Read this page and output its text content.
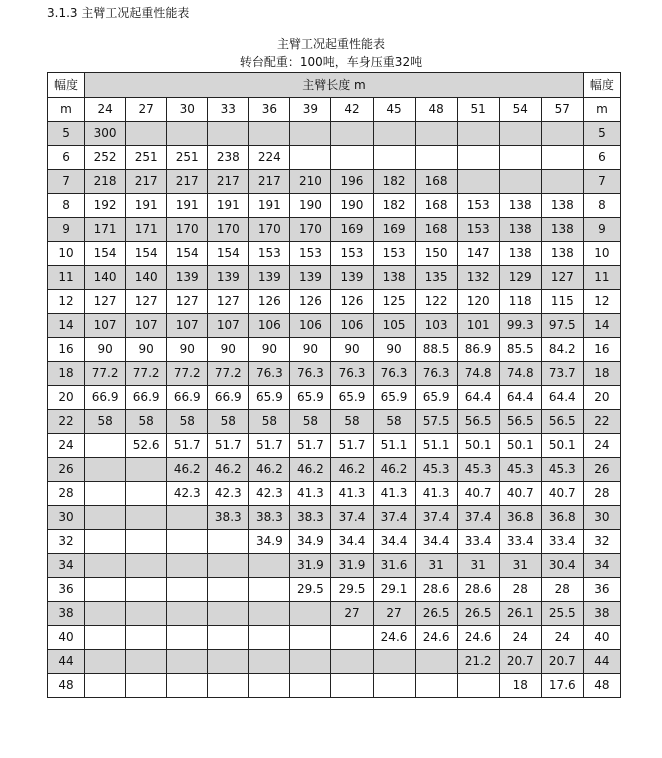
3.1.3 主臂工况起重性能表
主臂工况起重性能表
转台配重：100吨，车身压重32吨
幅度	主臂长度 m												幅度
m	24	27	30	33	36	39	42	45	48	51	54	57	m
5	300												5
6	252	251	251	238	224								6
7	218	217	217	217	217	210	196	182	168				7
8	192	191	191	191	191	190	190	182	168	153	138	138	8
9	171	171	170	170	170	170	169	169	168	153	138	138	9
10	154	154	154	154	153	153	153	153	150	147	138	138	10
11	140	140	139	139	139	139	139	138	135	132	129	127	11
12	127	127	127	127	126	126	126	125	122	120	118	115	12
14	107	107	107	107	106	106	106	105	103	101	99.3	97.5	14
16	90	90	90	90	90	90	90	90	88.5	86.9	85.5	84.2	16
18	77.2	77.2	77.2	77.2	76.3	76.3	76.3	76.3	76.3	74.8	74.8	73.7	18
20	66.9	66.9	66.9	66.9	65.9	65.9	65.9	65.9	65.9	64.4	64.4	64.4	20
22	58	58	58	58	58	58	58	58	57.5	56.5	56.5	56.5	22
24		52.6	51.7	51.7	51.7	51.7	51.7	51.1	51.1	50.1	50.1	50.1	24
26			46.2	46.2	46.2	46.2	46.2	46.2	45.3	45.3	45.3	45.3	26
28			42.3	42.3	42.3	41.3	41.3	41.3	41.3	40.7	40.7	40.7	28
30				38.3	38.3	38.3	37.4	37.4	37.4	37.4	36.8	36.8	30
32					34.9	34.9	34.4	34.4	34.4	33.4	33.4	33.4	32
34						31.9	31.9	31.6	31	31	31	30.4	34
36						29.5	29.5	29.1	28.6	28.6	28	28	36
38							27	27	26.5	26.5	26.1	25.5	38
40								24.6	24.6	24.6	24	24	40
44										21.2	20.7	20.7	44
48											18	17.6	48
